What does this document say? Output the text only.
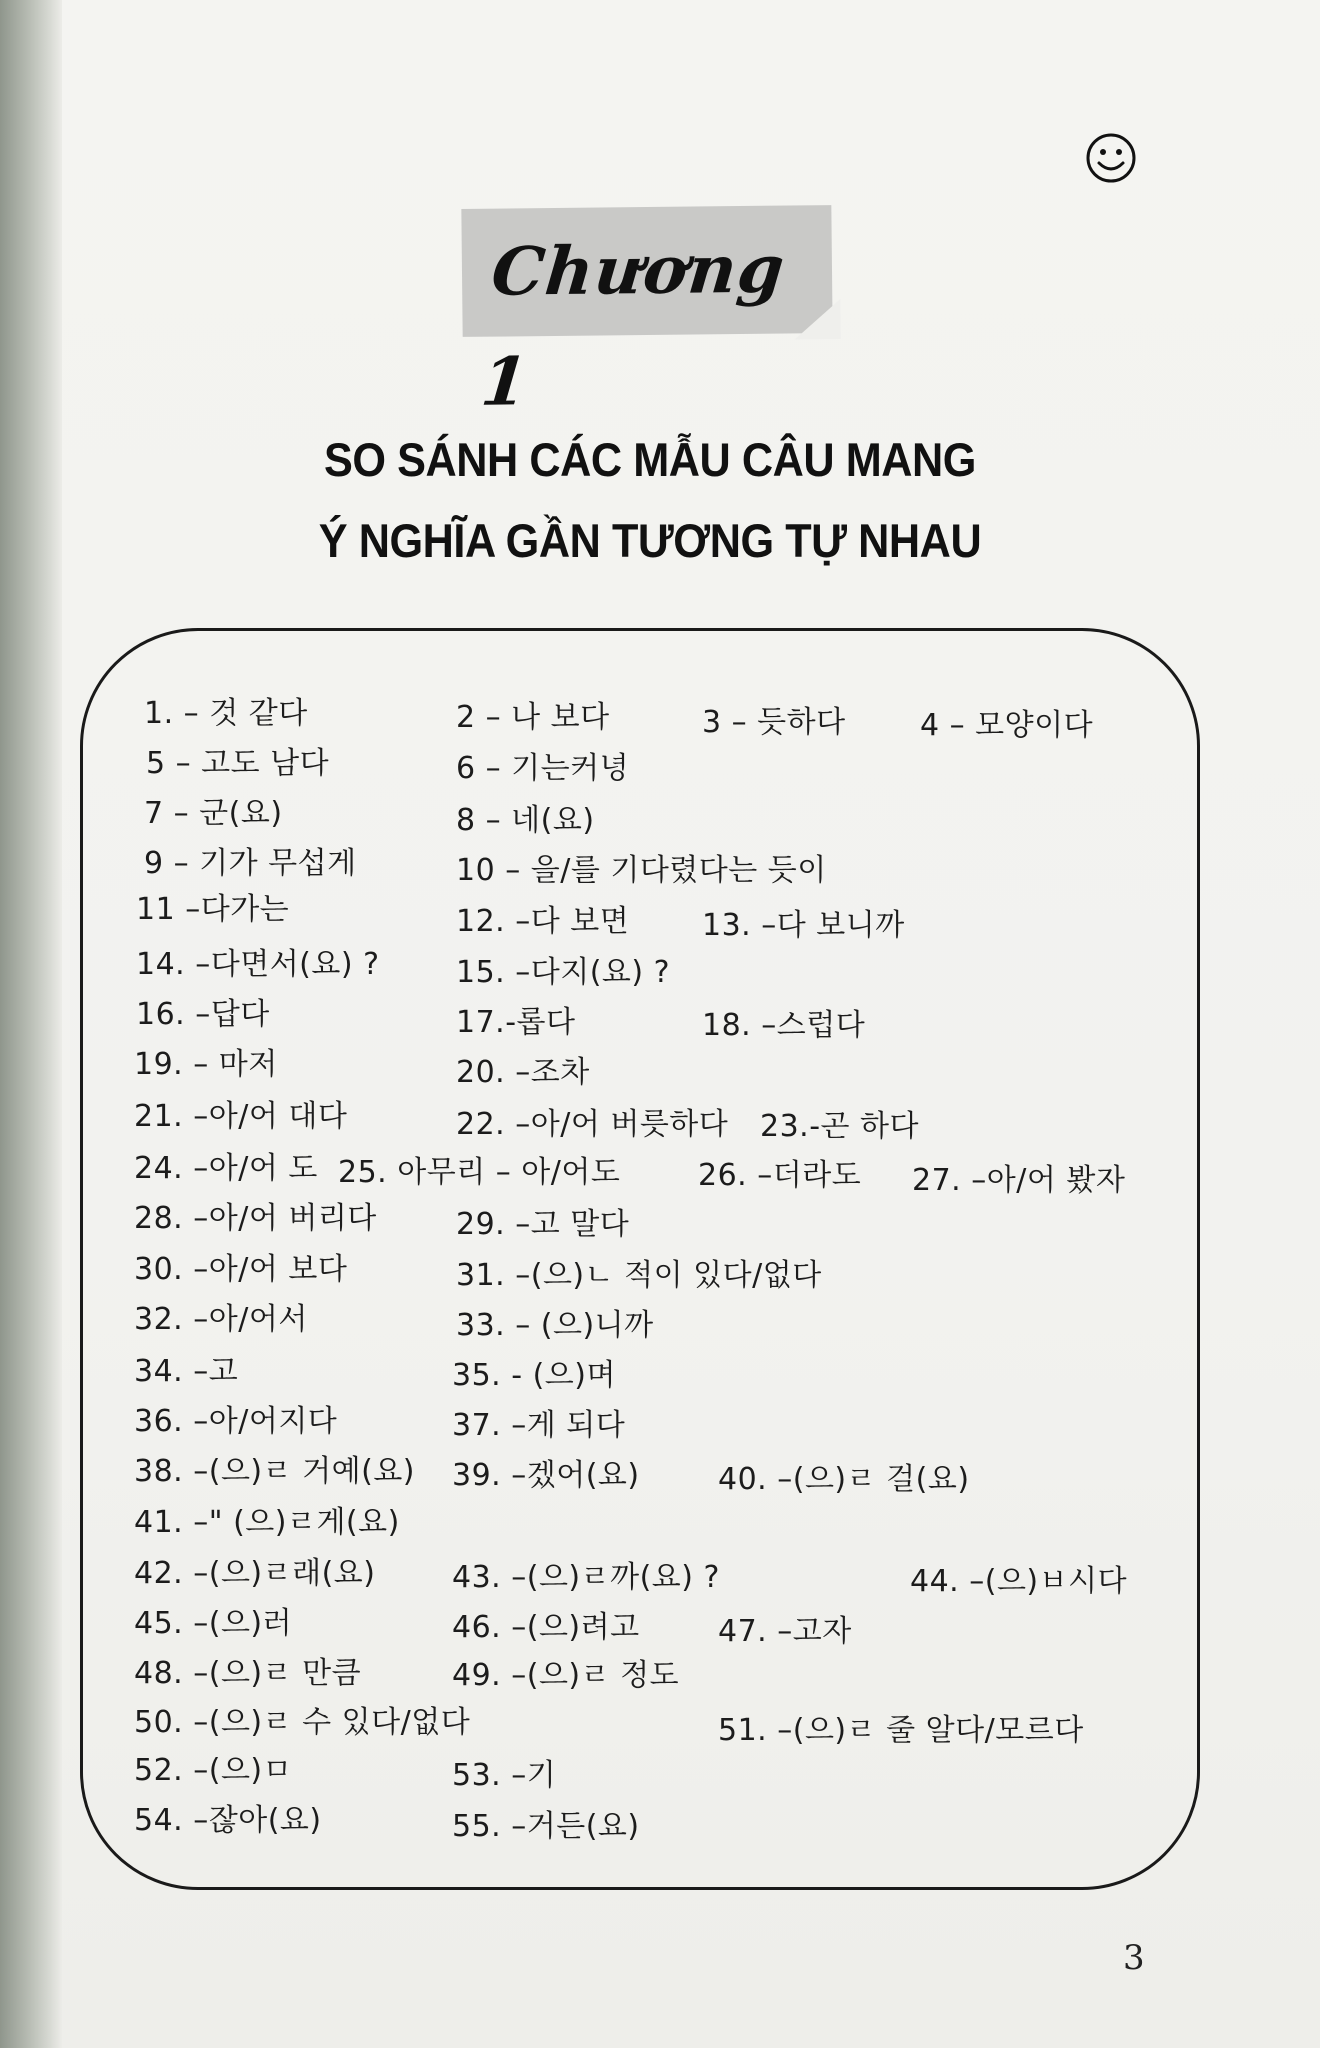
Chương 1
SO SÁNH CÁC MẪU CÂU MANG
Ý NGHĨA GẦN TƯƠNG TỰ NHAU
1. – 것 같다	2 – 나 보다	3 – 듯하다 4 – 모양이다
5 – 고도 남다	6 – 기는커녕
7 – 군(요)	8 – 네(요)
9 – 기가 무섭게	10 – 을/를 기다렸다는 듯이
11 –다가는	12. –다 보면 13. –다 보니까
14. –다면서(요) ?	15. –다지(요) ?
16. –답다	17.-롭다	18. –스럽다
19. – 마저	20. –조차
21. –아/어 대다	22. –아/어 버릇하다 23.-곤 하다
24. –아/어 도 25. 아무리 – 아/어도	26. –더라도 27. –아/어 봤자
28. –아/어 버리다	29. –고 말다
30. –아/어 보다	31. –(으)ㄴ 적이 있다/없다
32. –아/어서	33. – (으)니까
34. –고	35. - (으)며
36. –아/어지다	37. –게 되다
38. –(으)ㄹ 거예(요) 39. –겠어(요)	40. –(으)ㄹ 걸(요)
41. –" (으)ㄹ게(요)
42. –(으)ㄹ래(요)	43. –(으)ㄹ까(요) ?	44. –(으)ㅂ시다
45. –(으)러	46. –(으)려고	47. –고자
48. –(으)ㄹ 만큼	49. –(으)ㄹ 정도
50. –(으)ㄹ 수 있다/없다	51. –(으)ㄹ 줄 알다/모르다
52. –(으)ㅁ	53. –기
54. –잖아(요)	55. –거든(요)
3
